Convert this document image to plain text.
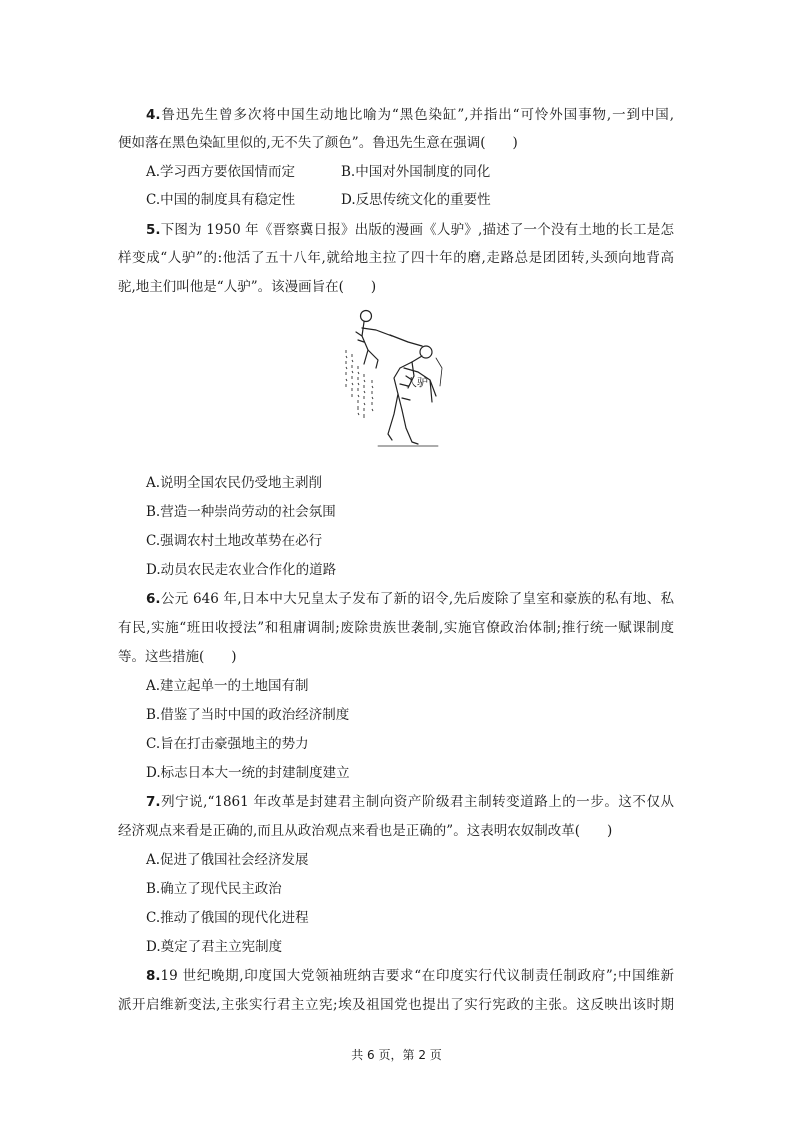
4.鲁迅先生曾多次将中国生动地比喻为“黑色染缸”,并指出“可怜外国事物,一到中国,
便如落在黑色染缸里似的,无不失了颜色”。鲁迅先生意在强调(　　)
A.学习西方要依国情而定	B.中国对外国制度的同化
C.中国的制度具有稳定性	D.反思传统文化的重要性
5.下图为 1950 年《晋察冀日报》出版的漫画《人驴》,描述了一个没有土地的长工是怎
样变成“人驴”的:他活了五十八年,就给地主拉了四十年的磨,走路总是团团转,头颈向地背高
驼,地主们叫他是“人驴”。该漫画旨在(　　)
人驴
A.说明全国农民仍受地主剥削
B.营造一种崇尚劳动的社会氛围
C.强调农村土地改革势在必行
D.动员农民走农业合作化的道路
6.公元 646 年,日本中大兄皇太子发布了新的诏令,先后废除了皇室和豪族的私有地、私
有民,实施“班田收授法”和租庸调制;废除贵族世袭制,实施官僚政治体制;推行统一赋课制度
等。这些措施(　　)
A.建立起单一的土地国有制
B.借鉴了当时中国的政治经济制度
C.旨在打击豪强地主的势力
D.标志日本大一统的封建制度建立
7.列宁说,“1861 年改革是封建君主制向资产阶级君主制转变道路上的一步。这不仅从
经济观点来看是正确的,而且从政治观点来看也是正确的”。这表明农奴制改革(　　)
A.促进了俄国社会经济发展
B.确立了现代民主政治
C.推动了俄国的现代化进程
D.奠定了君主立宪制度
8.19 世纪晚期,印度国大党领袖班纳吉要求“在印度实行代议制责任制政府”;中国维新
派开启维新变法,主张实行君主立宪;埃及祖国党也提出了实行宪政的主张。这反映出该时期
共 6 页，第 2 页
